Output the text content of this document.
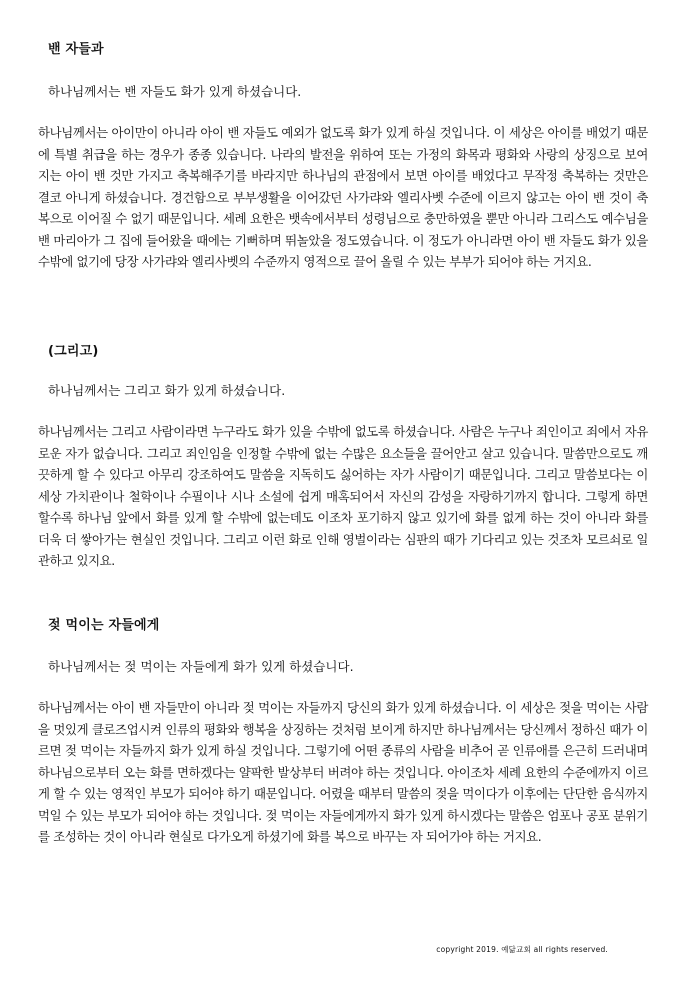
밴 자들과
하나님께서는 밴 자들도 화가 있게 하셨습니다.

하나님께서는 아이만이 아니라 아이 밴 자들도 예외가 없도록 화가 있게 하실 것입니다. 이 세상은 아이를 배었기 때문에 특별 취급을 하는 경우가 종종 있습니다. 나라의 발전을 위하여 또는 가정의 화목과 평화와 사랑의 상징으로 보여 지는 아이 밴 것만 가지고 축복해주기를 바라지만 하나님의 관점에서 보면 아이를 배었다고 무작정 축복하는 것만은 결코 아니게 하셨습니다. 경건함으로 부부생활을 이어갔던 사가랴와 엘리사벳 수준에 이르지 않고는 아이 밴 것이 축복으로 이어질 수 없기 때문입니다. 세례 요한은 뱃속에서부터 성령님으로 충만하였을 뿐만 아니라 그리스도 예수님을 밴 마리아가 그 집에 들어왔을 때에는 기뻐하며 뛰놀았을 정도였습니다. 이 정도가 아니라면 아이 밴 자들도 화가 있을 수밖에 없기에 당장 사가랴와 엘리사벳의 수준까지 영적으로 끌어 올릴 수 있는 부부가 되어야 하는 거지요.

(그리고)
하나님께서는 그리고 화가 있게 하셨습니다.

하나님께서는 그리고 사람이라면 누구라도 화가 있을 수밖에 없도록 하셨습니다. 사람은 누구나 죄인이고 죄에서 자유로운 자가 없습니다. 그리고 죄인임을 인정할 수밖에 없는 수많은 요소들을 끌어안고 살고 있습니다. 말씀만으로도 깨끗하게 할 수 있다고 아무리 강조하여도 말씀을 지독히도 싫어하는 자가 사람이기 때문입니다. 그리고 말씀보다는 이 세상 가치관이나 철학이나 수필이나 시나 소설에 쉽게 매혹되어서 자신의 감성을 자랑하기까지 합니다. 그렇게 하면 할수록 하나님 앞에서 화를 있게 할 수밖에 없는데도 이조차 포기하지 않고 있기에 화를 없게 하는 것이 아니라 화를 더욱 더 쌓아가는 현실인 것입니다. 그리고 이런 화로 인해 영벌이라는 심판의 때가 기다리고 있는 것조차 모르쇠로 일관하고 있지요.

젖 먹이는 자들에게
하나님께서는 젖 먹이는 자들에게 화가 있게 하셨습니다.

하나님께서는 아이 밴 자들만이 아니라 젖 먹이는 자들까지 당신의 화가 있게 하셨습니다. 이 세상은 젖을 먹이는 사람을 멋있게 클로즈업시켜 인류의 평화와 행복을 상징하는 것처럼 보이게 하지만 하나님께서는 당신께서 정하신 때가 이르면 젖 먹이는 자들까지 화가 있게 하실 것입니다. 그렇기에 어떤 종류의 사람을 비추어 곧 인류애를 은근히 드러내며 하나님으로부터 오는 화를 면하겠다는 얄팍한 발상부터 버려야 하는 것입니다. 아이조차 세례 요한의 수준에까지 이르게 할 수 있는 영적인 부모가 되어야 하기 때문입니다. 어렸을 때부터 말씀의 젖을 먹이다가 이후에는 단단한 음식까지 먹일 수 있는 부모가 되어야 하는 것입니다. 젖 먹이는 자들에게까지 화가 있게 하시겠다는 말씀은 엄포나 공포 분위기를 조성하는 것이 아니라 현실로 다가오게 하셨기에 화를 복으로 바꾸는 자 되어가야 하는 거지요.

copyright 2019. 예닮교회 all rights reserved.
